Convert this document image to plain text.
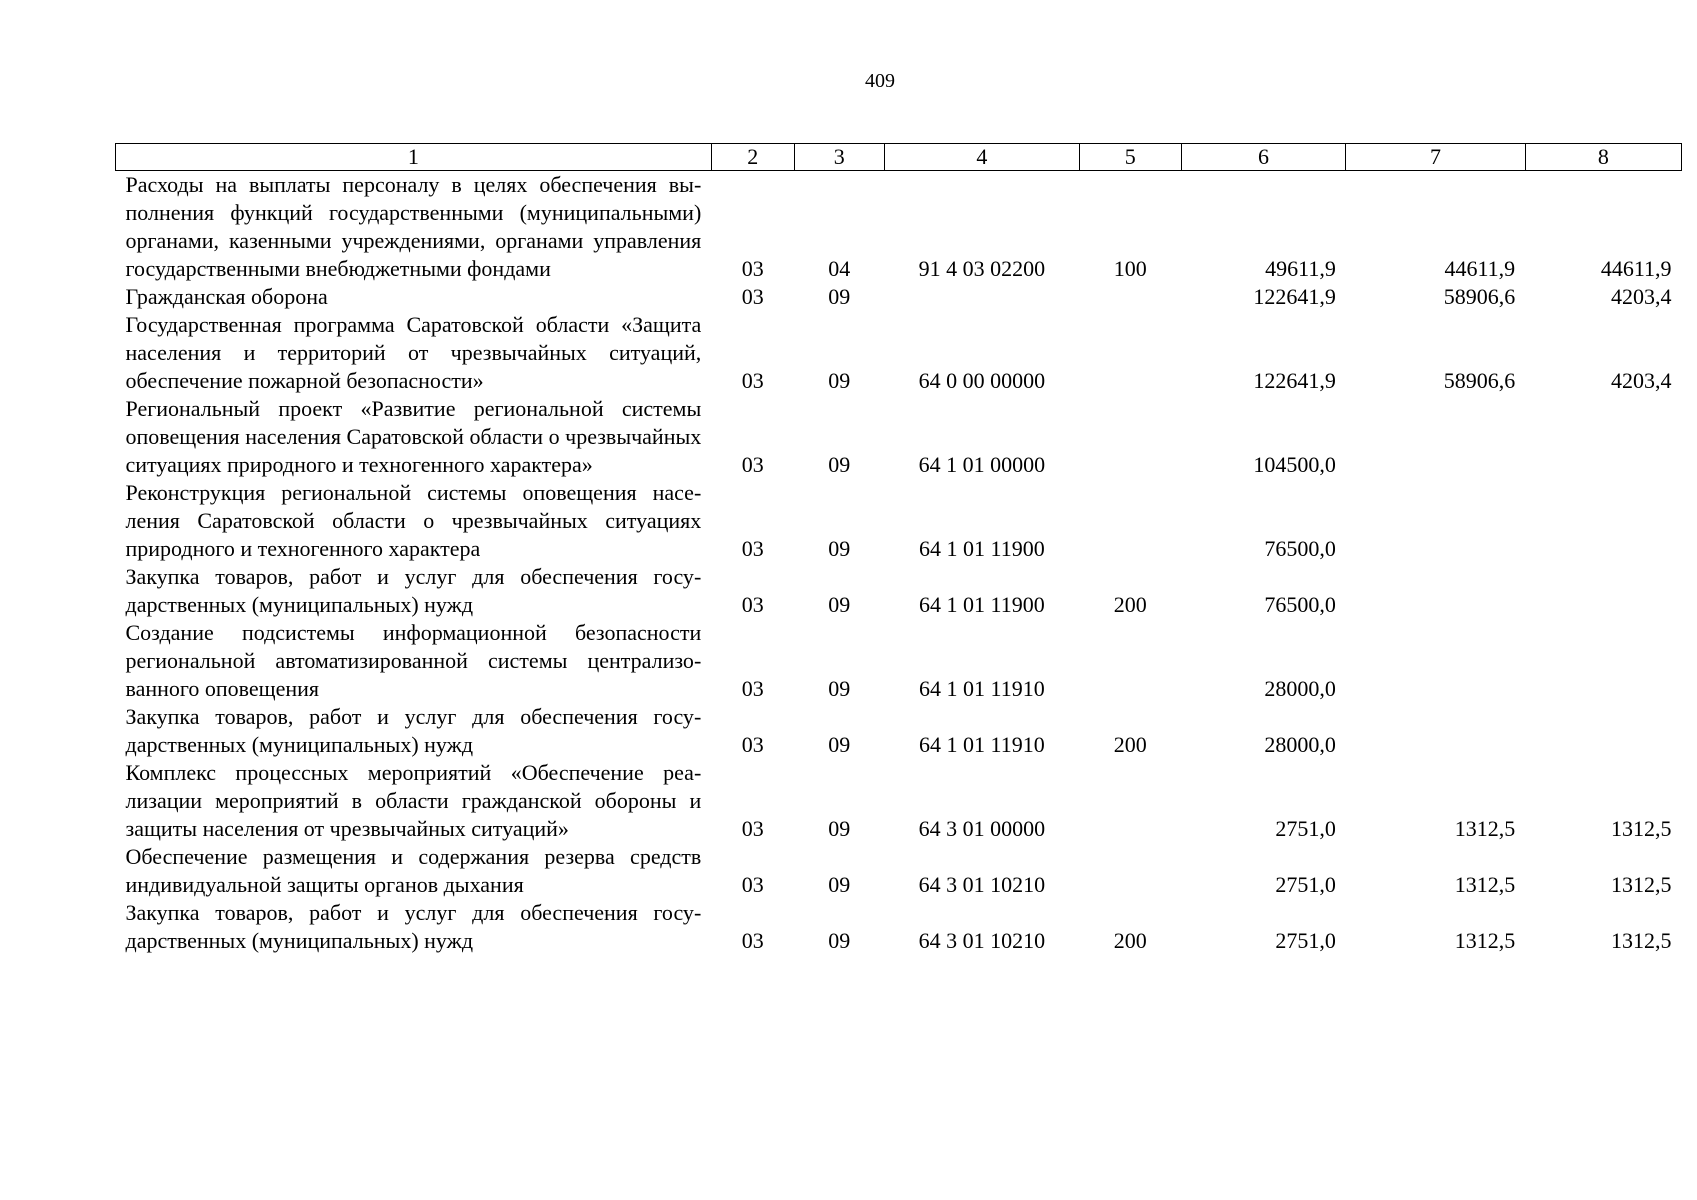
409
1	2	3	4	5	6	7	8
Расходы на выплаты персоналу в целях обеспечения выполнения функций государственными (муниципальными) органами, казенными учреждениями, органами управления государственными внебюджетными фондами	03	04	91 4 03 02200	100	49611,9	44611,9	44611,9
Гражданская оборона	03	09			122641,9	58906,6	4203,4
Государственная программа Саратовской области «Защита населения и территорий от чрезвычайных ситуаций, обеспечение пожарной безопасности»	03	09	64 0 00 00000		122641,9	58906,6	4203,4
Региональный проект «Развитие региональной системы оповещения населения Саратовской области о чрезвычайных ситуациях природного и техногенного характера»	03	09	64 1 01 00000		104500,0		
Реконструкция региональной системы оповещения населения Саратовской области о чрезвычайных ситуациях природного и техногенного характера	03	09	64 1 01 11900		76500,0		
Закупка товаров, работ и услуг для обеспечения государственных (муниципальных) нужд	03	09	64 1 01 11900	200	76500,0		
Создание подсистемы информационной безопасности региональной автоматизированной системы централизованного оповещения	03	09	64 1 01 11910		28000,0		
Закупка товаров, работ и услуг для обеспечения государственных (муниципальных) нужд	03	09	64 1 01 11910	200	28000,0		
Комплекс процессных мероприятий «Обеспечение реализации мероприятий в области гражданской обороны и защиты населения от чрезвычайных ситуаций»	03	09	64 3 01 00000		2751,0	1312,5	1312,5
Обеспечение размещения и содержания резерва средств индивидуальной защиты органов дыхания	03	09	64 3 01 10210		2751,0	1312,5	1312,5
Закупка товаров, работ и услуг для обеспечения государственных (муниципальных) нужд	03	09	64 3 01 10210	200	2751,0	1312,5	1312,5
